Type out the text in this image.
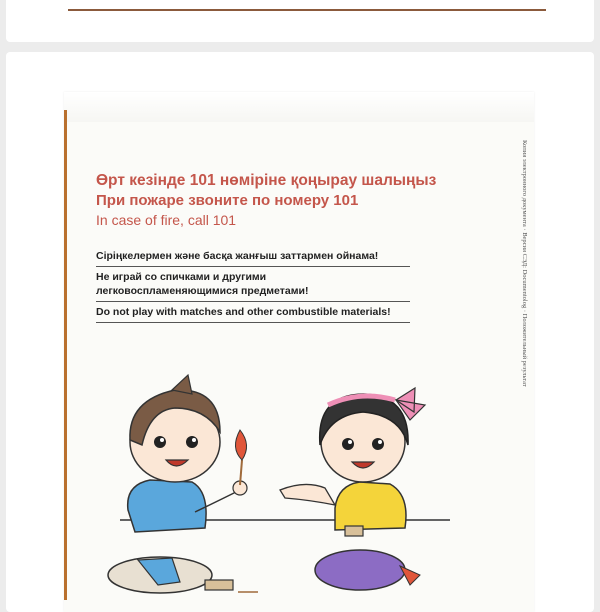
Өрт кезінде 101 нөміріне қоңырау шалыңыз
При пожаре звоните по номеру 101
In case of fire, call 101
Сіріңкелермен және басқа жанғыш заттармен ойнама!
Не играй со спичками и другими
легковоспламеняющимися предметами!
Do not play with matches and other combustible materials!	Копия электронного документа · Версия СЭД: Documentolog · Положительный результат
